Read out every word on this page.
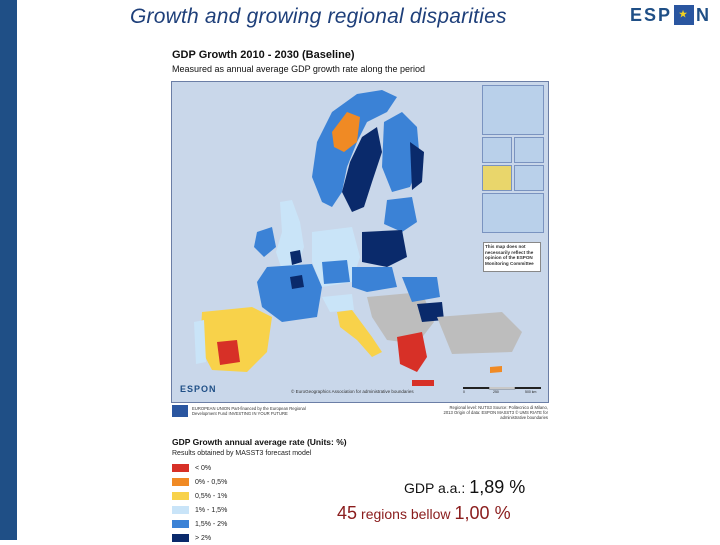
Growth and growing regional disparities	ESP
★ N
GDP Growth 2010 - 2030 (Baseline)
Measured as annual average GDP growth rate along the period
This map does not necessarily reflect the opinion of the ESPON Monitoring Committee
ESPON	© EuroGeographics Association for administrative boundaries	0	250	500 km
EUROPEAN UNION Part-financed by the European Regional Development Fund INVESTING IN YOUR FUTURE
Regional level: NUTS3 Source: Politecnico di Milano, 2013 Origin of data: ESPON MASST3 © UMS RIATE for administrative boundaries
GDP Growth annual average rate (Units: %)
Results obtained by MASST3 forecast model
< 0%
0% - 0,5%
0,5% - 1%
1% - 1,5%
1,5% - 2%
> 2%
GDP a.a.: 1,89 %
45 regions bellow 1,00 %
